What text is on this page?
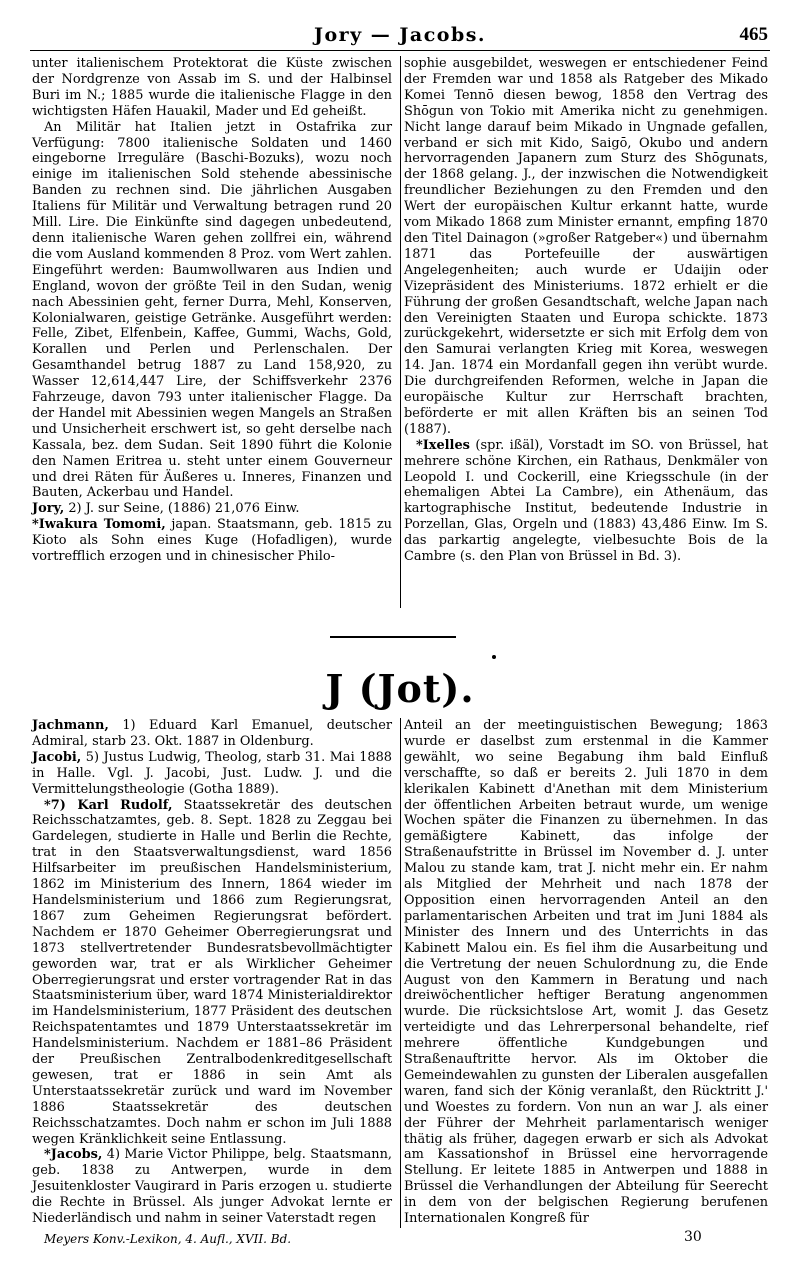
Jory — Jacobs.	465

unter italienischem Protektorat die Küste zwischen der Nordgrenze von Assab im S. und der Halbinsel Buri im N.; 1885 wurde die italienische Flagge in den wichtigsten Häfen Hauakil, Mader und Ed geheißt.

An Militär hat Italien jetzt in Ostafrika zur Verfügung: 7800 italienische Soldaten und 1460 eingeborne Irreguläre (Baschi-Bozuks), wozu noch einige im italienischen Sold stehende abessinische Banden zu rechnen sind. Die jährlichen Ausgaben Italiens für Militär und Verwaltung betragen rund 20 Mill. Lire. Die Einkünfte sind dagegen unbedeutend, denn italienische Waren gehen zollfrei ein, während die vom Ausland kommenden 8 Proz. vom Wert zahlen. Eingeführt werden: Baumwollwaren aus Indien und England, wovon der größte Teil in den Sudan, wenig nach Abessinien geht, ferner Durra, Mehl, Konserven, Kolonialwaren, geistige Getränke. Ausgeführt werden: Felle, Zibet, Elfenbein, Kaffee, Gummi, Wachs, Gold, Korallen und Perlen und Perlenschalen. Der Gesamthandel betrug 1887 zu Land 158,920, zu Wasser 12,614,447 Lire, der Schiffsverkehr 2376 Fahrzeuge, davon 793 unter italienischer Flagge. Da der Handel mit Abessinien wegen Mangels an Straßen und Unsicherheit erschwert ist, so geht derselbe nach Kassala, bez. dem Sudan. Seit 1890 führt die Kolonie den Namen Eritrea u. steht unter einem Gouverneur und drei Räten für Äußeres u. Inneres, Finanzen und Bauten, Ackerbau und Handel.

Jory, 2) J. sur Seine, (1886) 21,076 Einw.

*Iwakura Tomomi, japan. Staatsmann, geb. 1815 zu Kioto als Sohn eines Kuge (Hofadligen), wurde vortrefflich erzogen und in chinesischer Philo-

sophie ausgebildet, weswegen er entschiedener Feind der Fremden war und 1858 als Ratgeber des Mikado Komei Tennō diesen bewog, 1858 den Vertrag des Shōgun von Tokio mit Amerika nicht zu genehmigen. Nicht lange darauf beim Mikado in Ungnade gefallen, verband er sich mit Kido, Saigō, Okubo und andern hervorragenden Japanern zum Sturz des Shōgunats, der 1868 gelang. J., der inzwischen die Notwendigkeit freundlicher Beziehungen zu den Fremden und den Wert der europäischen Kultur erkannt hatte, wurde vom Mikado 1868 zum Minister ernannt, empfing 1870 den Titel Dainagon (»großer Ratgeber«) und übernahm 1871 das Portefeuille der auswärtigen Angelegenheiten; auch wurde er Udaijin oder Vizepräsident des Ministeriums. 1872 erhielt er die Führung der großen Gesandtschaft, welche Japan nach den Vereinigten Staaten und Europa schickte. 1873 zurückgekehrt, widersetzte er sich mit Erfolg dem von den Samurai verlangten Krieg mit Korea, weswegen 14. Jan. 1874 ein Mordanfall gegen ihn verübt wurde. Die durchgreifenden Reformen, welche in Japan die europäische Kultur zur Herrschaft brachten, beförderte er mit allen Kräften bis an seinen Tod (1887).

*Ixelles (spr. ißäl), Vorstadt im SO. von Brüssel, hat mehrere schöne Kirchen, ein Rathaus, Denkmäler von Leopold I. und Cockerill, eine Kriegsschule (in der ehemaligen Abtei La Cambre), ein Athenäum, das kartographische Institut, bedeutende Industrie in Porzellan, Glas, Orgeln und (1883) 43,486 Einw. Im S. das parkartig angelegte, vielbesuchte Bois de la Cambre (s. den Plan von Brüssel in Bd. 3).

J (Jot).

Jachmann, 1) Eduard Karl Emanuel, deutscher Admiral, starb 23. Okt. 1887 in Oldenburg.

Jacobi, 5) Justus Ludwig, Theolog, starb 31. Mai 1888 in Halle. Vgl. J. Jacobi, Just. Ludw. J. und die Vermittelungstheologie (Gotha 1889).

*7) Karl Rudolf, Staatssekretär des deutschen Reichsschatzamtes, geb. 8. Sept. 1828 zu Zeggau bei Gardelegen, studierte in Halle und Berlin die Rechte, trat in den Staatsverwaltungsdienst, ward 1856 Hilfsarbeiter im preußischen Handelsministerium, 1862 im Ministerium des Innern, 1864 wieder im Handelsministerium und 1866 zum Regierungsrat, 1867 zum Geheimen Regierungsrat befördert. Nachdem er 1870 Geheimer Oberregierungsrat und 1873 stellvertretender Bundesratsbevollmächtigter geworden war, trat er als Wirklicher Geheimer Oberregierungsrat und erster vortragender Rat in das Staatsministerium über, ward 1874 Ministerialdirektor im Handelsministerium, 1877 Präsident des deutschen Reichspatentamtes und 1879 Unterstaatssekretär im Handelsministerium. Nachdem er 1881–86 Präsident der Preußischen Zentralbodenkreditgesellschaft gewesen, trat er 1886 in sein Amt als Unterstaatssekretär zurück und ward im November 1886 Staatssekretär des deutschen Reichsschatzamtes. Doch nahm er schon im Juli 1888 wegen Kränklichkeit seine Entlassung.

*Jacobs, 4) Marie Victor Philippe, belg. Staatsmann, geb. 1838 zu Antwerpen, wurde in dem Jesuitenkloster Vaugirard in Paris erzogen u. studierte die Rechte in Brüssel. Als junger Advokat lernte er Niederländisch und nahm in seiner Vaterstadt regen

Anteil an der meetinguistischen Bewegung; 1863 wurde er daselbst zum erstenmal in die Kammer gewählt, wo seine Begabung ihm bald Einfluß verschaffte, so daß er bereits 2. Juli 1870 in dem klerikalen Kabinett d'Anethan mit dem Ministerium der öffentlichen Arbeiten betraut wurde, um wenige Wochen später die Finanzen zu übernehmen. In das gemäßigtere Kabinett, das infolge der Straßenaufstritte in Brüssel im November d. J. unter Malou zu stande kam, trat J. nicht mehr ein. Er nahm als Mitglied der Mehrheit und nach 1878 der Opposition einen hervorragenden Anteil an den parlamentarischen Arbeiten und trat im Juni 1884 als Minister des Innern und des Unterrichts in das Kabinett Malou ein. Es fiel ihm die Ausarbeitung und die Vertretung der neuen Schulordnung zu, die Ende August von den Kammern in Beratung und nach dreiwöchentlicher heftiger Beratung angenommen wurde. Die rücksichtslose Art, womit J. das Gesetz verteidigte und das Lehrerpersonal behandelte, rief mehrere öffentliche Kundgebungen und Straßenauftritte hervor. Als im Oktober die Gemeindewahlen zu gunsten der Liberalen ausgefallen waren, fand sich der König veranlaßt, den Rücktritt J.' und Woestes zu fordern. Von nun an war J. als einer der Führer der Mehrheit parlamentarisch weniger thätig als früher, dagegen erwarb er sich als Advokat am Kassationshof in Brüssel eine hervorragende Stellung. Er leitete 1885 in Antwerpen und 1888 in Brüssel die Verhandlungen der Abteilung für Seerecht in dem von der belgischen Regierung berufenen Internationalen Kongreß für

Meyers Konv.-Lexikon, 4. Aufl., XVII. Bd.	30
